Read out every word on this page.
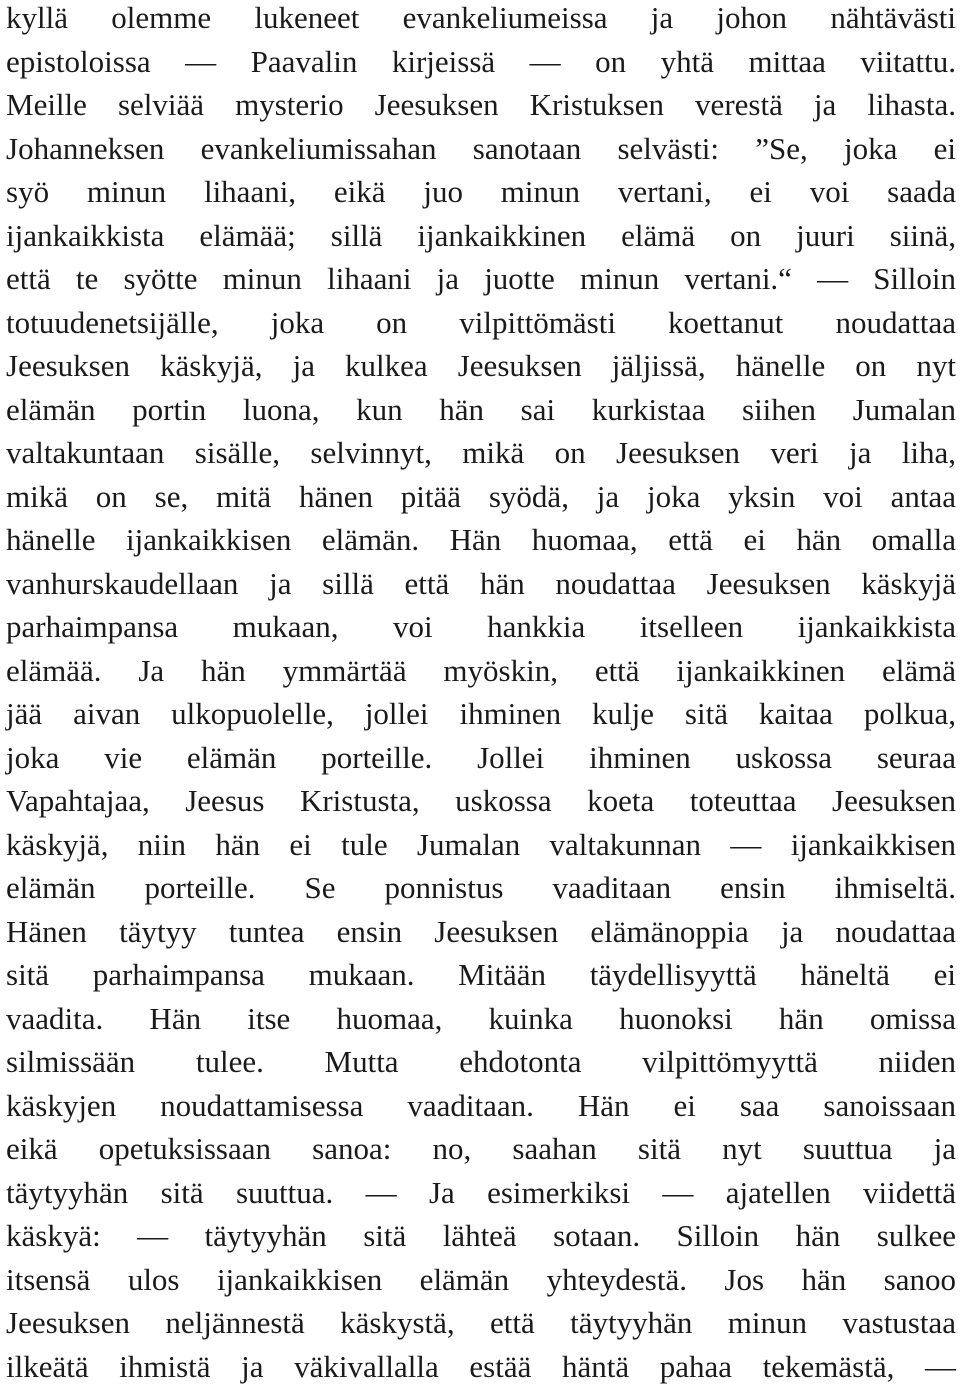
kyllä olemme lukeneet evankeliumeissa ja johon nähtävästi
epistoloissa — Paavalin kirjeissä — on yhtä mittaa viitattu.
Meille selviää mysterio Jeesuksen Kristuksen verestä ja lihasta.
Johanneksen evankeliumissahan sanotaan selvästi: ”Se, joka ei
syö minun lihaani, eikä juo minun vertani, ei voi saada
ijankaikkista elämää; sillä ijankaikkinen elämä on juuri siinä,
että te syötte minun lihaani ja juotte minun vertani.“ — Silloin
totuudenetsijälle, joka on vilpittömästi koettanut noudattaa
Jeesuksen käskyjä, ja kulkea Jeesuksen jäljissä, hänelle on nyt
elämän portin luona, kun hän sai kurkistaa siihen Jumalan
valtakuntaan sisälle, selvinnyt, mikä on Jeesuksen veri ja liha,
mikä on se, mitä hänen pitää syödä, ja joka yksin voi antaa
hänelle ijankaikkisen elämän. Hän huomaa, että ei hän omalla
vanhurskaudellaan ja sillä että hän noudattaa Jeesuksen käskyjä
parhaimpansa mukaan, voi hankkia itselleen ijankaikkista
elämää. Ja hän ymmärtää myöskin, että ijankaikkinen elämä
jää aivan ulkopuolelle, jollei ihminen kulje sitä kaitaa polkua,
joka vie elämän porteille. Jollei ihminen uskossa seuraa
Vapahtajaa, Jeesus Kristusta, uskossa koeta toteuttaa Jeesuksen
käskyjä, niin hän ei tule Jumalan valtakunnan — ijankaikkisen
elämän porteille. Se ponnistus vaaditaan ensin ihmiseltä.
Hänen täytyy tuntea ensin Jeesuksen elämänoppia ja noudattaa
sitä parhaimpansa mukaan. Mitään täydellisyyttä häneltä ei
vaadita. Hän itse huomaa, kuinka huonoksi hän omissa
silmissään tulee. Mutta ehdotonta vilpittömyyttä niiden
käskyjen noudattamisessa vaaditaan. Hän ei saa sanoissaan
eikä opetuksissaan sanoa: no, saahan sitä nyt suuttua ja
täytyyhän sitä suuttua. — Ja esimerkiksi — ajatellen viidettä
käskyä: — täytyyhän sitä lähteä sotaan. Silloin hän sulkee
itsensä ulos ijankaikkisen elämän yhteydestä. Jos hän sanoo
Jeesuksen neljännestä käskystä, että täytyyhän minun vastustaa
ilkeätä ihmistä ja väkivallalla estää häntä pahaa tekemästä, —
